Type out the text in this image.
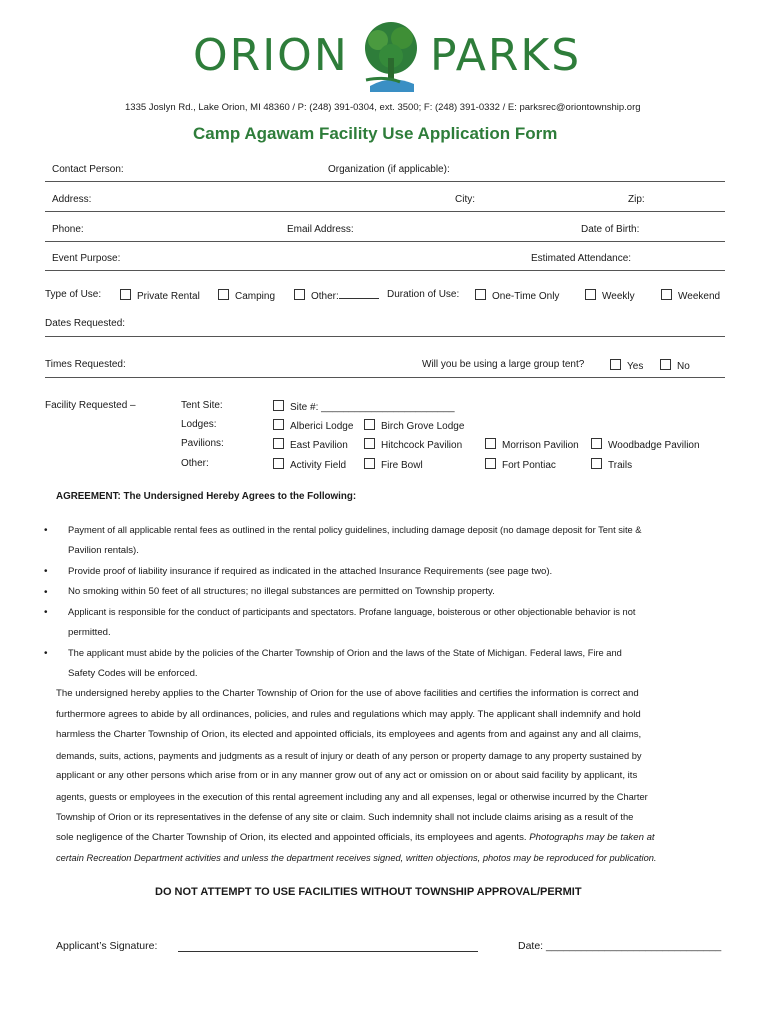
ORION PARKS
1335 Joslyn Rd., Lake Orion, MI 48360 / P: (248) 391-0304, ext. 3500; F: (248) 391-0332 / E: parksrec@oriontownship.org
Camp Agawam Facility Use Application Form
Contact Person:	Organization (if applicable):
Address:	City:	Zip:
Phone:	Email Address:	Date of Birth:
Event Purpose:	Estimated Attendance:
Type of Use:	Private Rental	Camping	Other:	Duration of Use:	One-Time Only	Weekly	Weekend
Dates Requested:
Times Requested:	Will you be using a large group tent?	Yes	No
Facility Requested –	Tent Site:	Site #: ________________________
Lodges:	Alberici Lodge	Birch Grove Lodge
Pavilions:	East Pavilion	Hitchcock Pavilion	Morrison Pavilion	Woodbadge Pavilion
Other:	Activity Field	Fire Bowl	Fort Pontiac	Trails
AGREEMENT: The Undersigned Hereby Agrees to the Following:
• Payment of all applicable rental fees as outlined in the rental policy guidelines, including damage deposit (no damage deposit for Tent site &
Pavilion rentals).
• Provide proof of liability insurance if required as indicated in the attached Insurance Requirements (see page two).
• No smoking within 50 feet of all structures; no illegal substances are permitted on Township property.
• Applicant is responsible for the conduct of participants and spectators. Profane language, boisterous or other objectionable behavior is not
permitted.
• The applicant must abide by the policies of the Charter Township of Orion and the laws of the State of Michigan. Federal laws, Fire and
Safety Codes will be enforced.
The undersigned hereby applies to the Charter Township of Orion for the use of above facilities and certifies the information is correct and
furthermore agrees to abide by all ordinances, policies, and rules and regulations which may apply. The applicant shall indemnify and hold
harmless the Charter Township of Orion, its elected and appointed officials, its employees and agents from and against any and all claims,
demands, suits, actions, payments and judgments as a result of injury or death of any person or property damage to any property sustained by
applicant or any other persons which arise from or in any manner grow out of any act or omission on or about said facility by applicant, its
agents, guests or employees in the execution of this rental agreement including any and all expenses, legal or otherwise incurred by the Charter
Township of Orion or its representatives in the defense of any site or claim. Such indemnity shall not include claims arising as a result of the
sole negligence of the Charter Township of Orion, its elected and appointed officials, its employees and agents. Photographs may be taken at
certain Recreation Department activities and unless the department receives signed, written objections, photos may be reproduced for publication.
DO NOT ATTEMPT TO USE FACILITIES WITHOUT TOWNSHIP APPROVAL/PERMIT
Applicant’s Signature:	Date: ______________________________
